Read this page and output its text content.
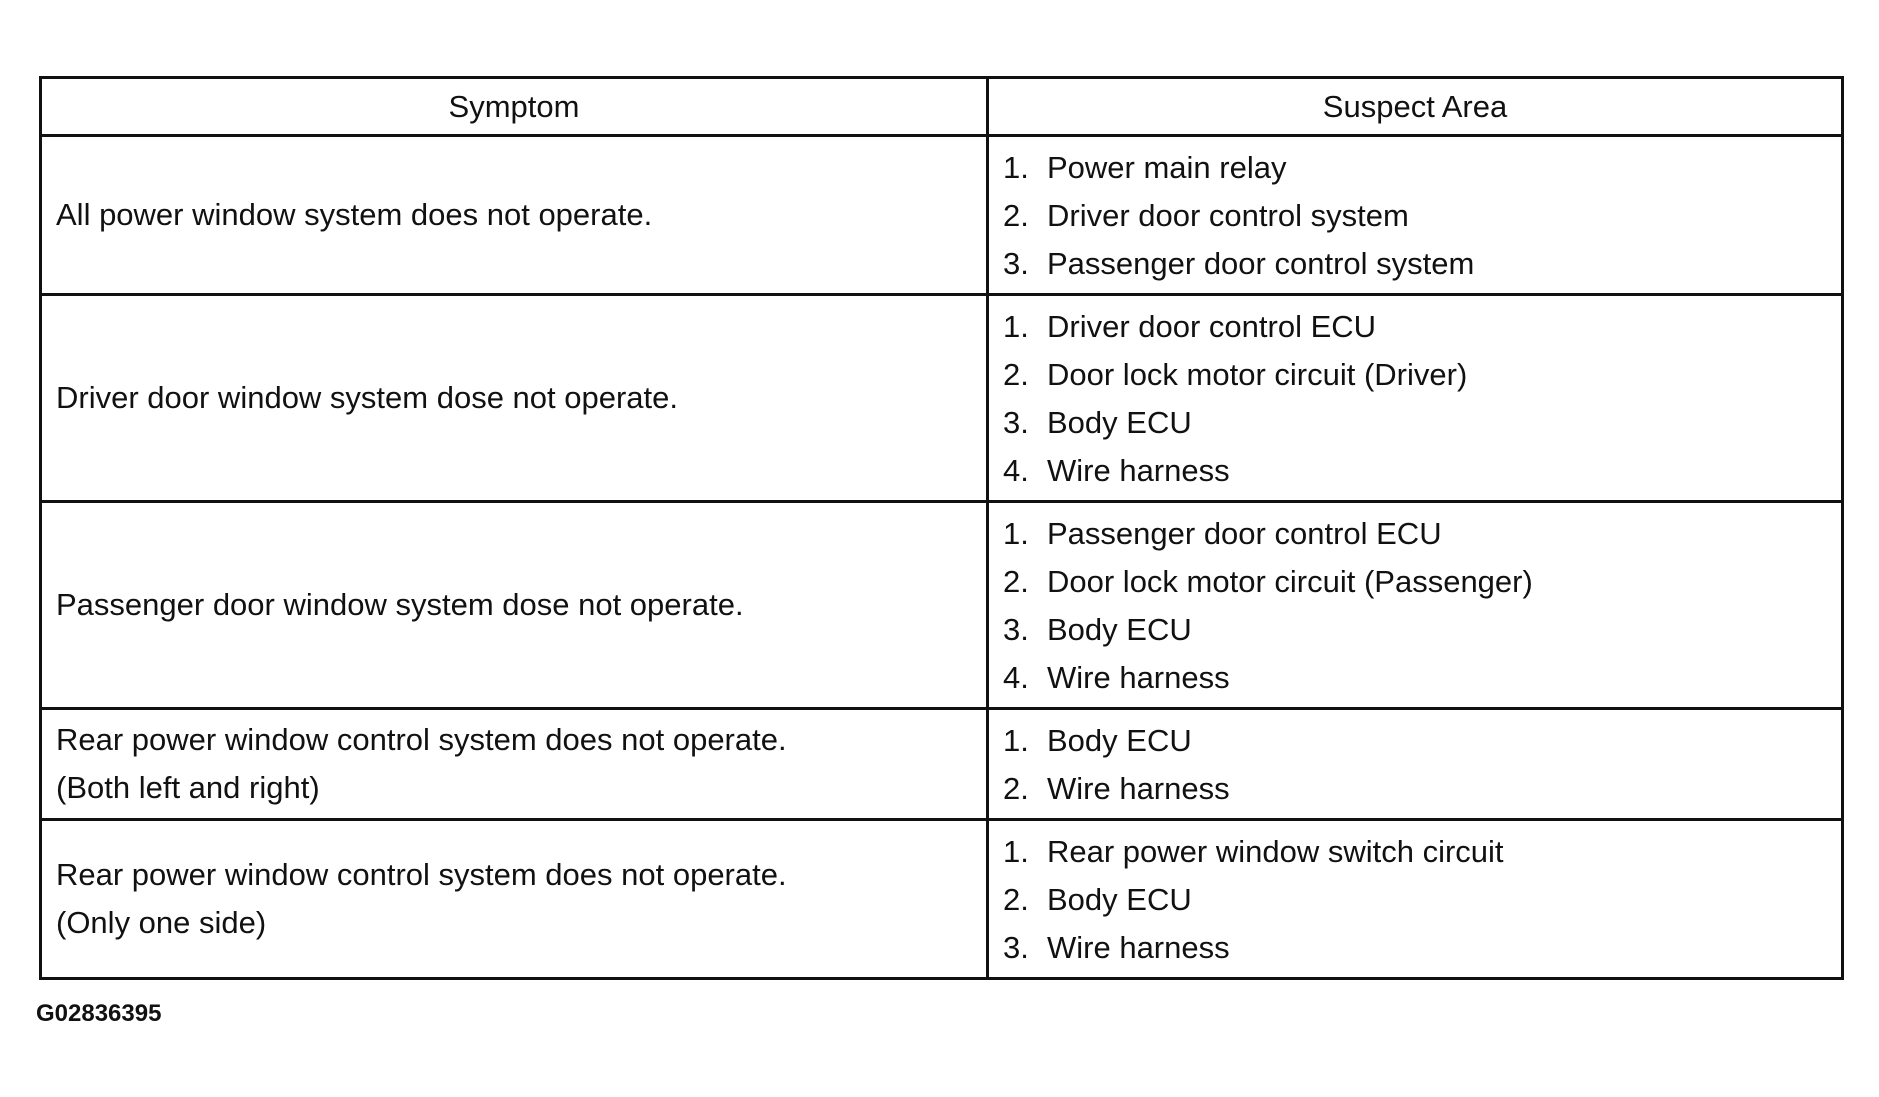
Symptom	Suspect Area

All power window system does not operate.	1. Power main relay
2. Driver door control system
3. Passenger door control system

Driver door window system dose not operate.	1. Driver door control ECU
2. Door lock motor circuit (Driver)
3. Body ECU
4. Wire harness

Passenger door window system dose not operate.	1. Passenger door control ECU
2. Door lock motor circuit (Passenger)
3. Body ECU
4. Wire harness

Rear power window control system does not operate.
(Both left and right)	1. Body ECU
2. Wire harness

Rear power window control system does not operate.
(Only one side)	1. Rear power window switch circuit
2. Body ECU
3. Wire harness
G02836395
